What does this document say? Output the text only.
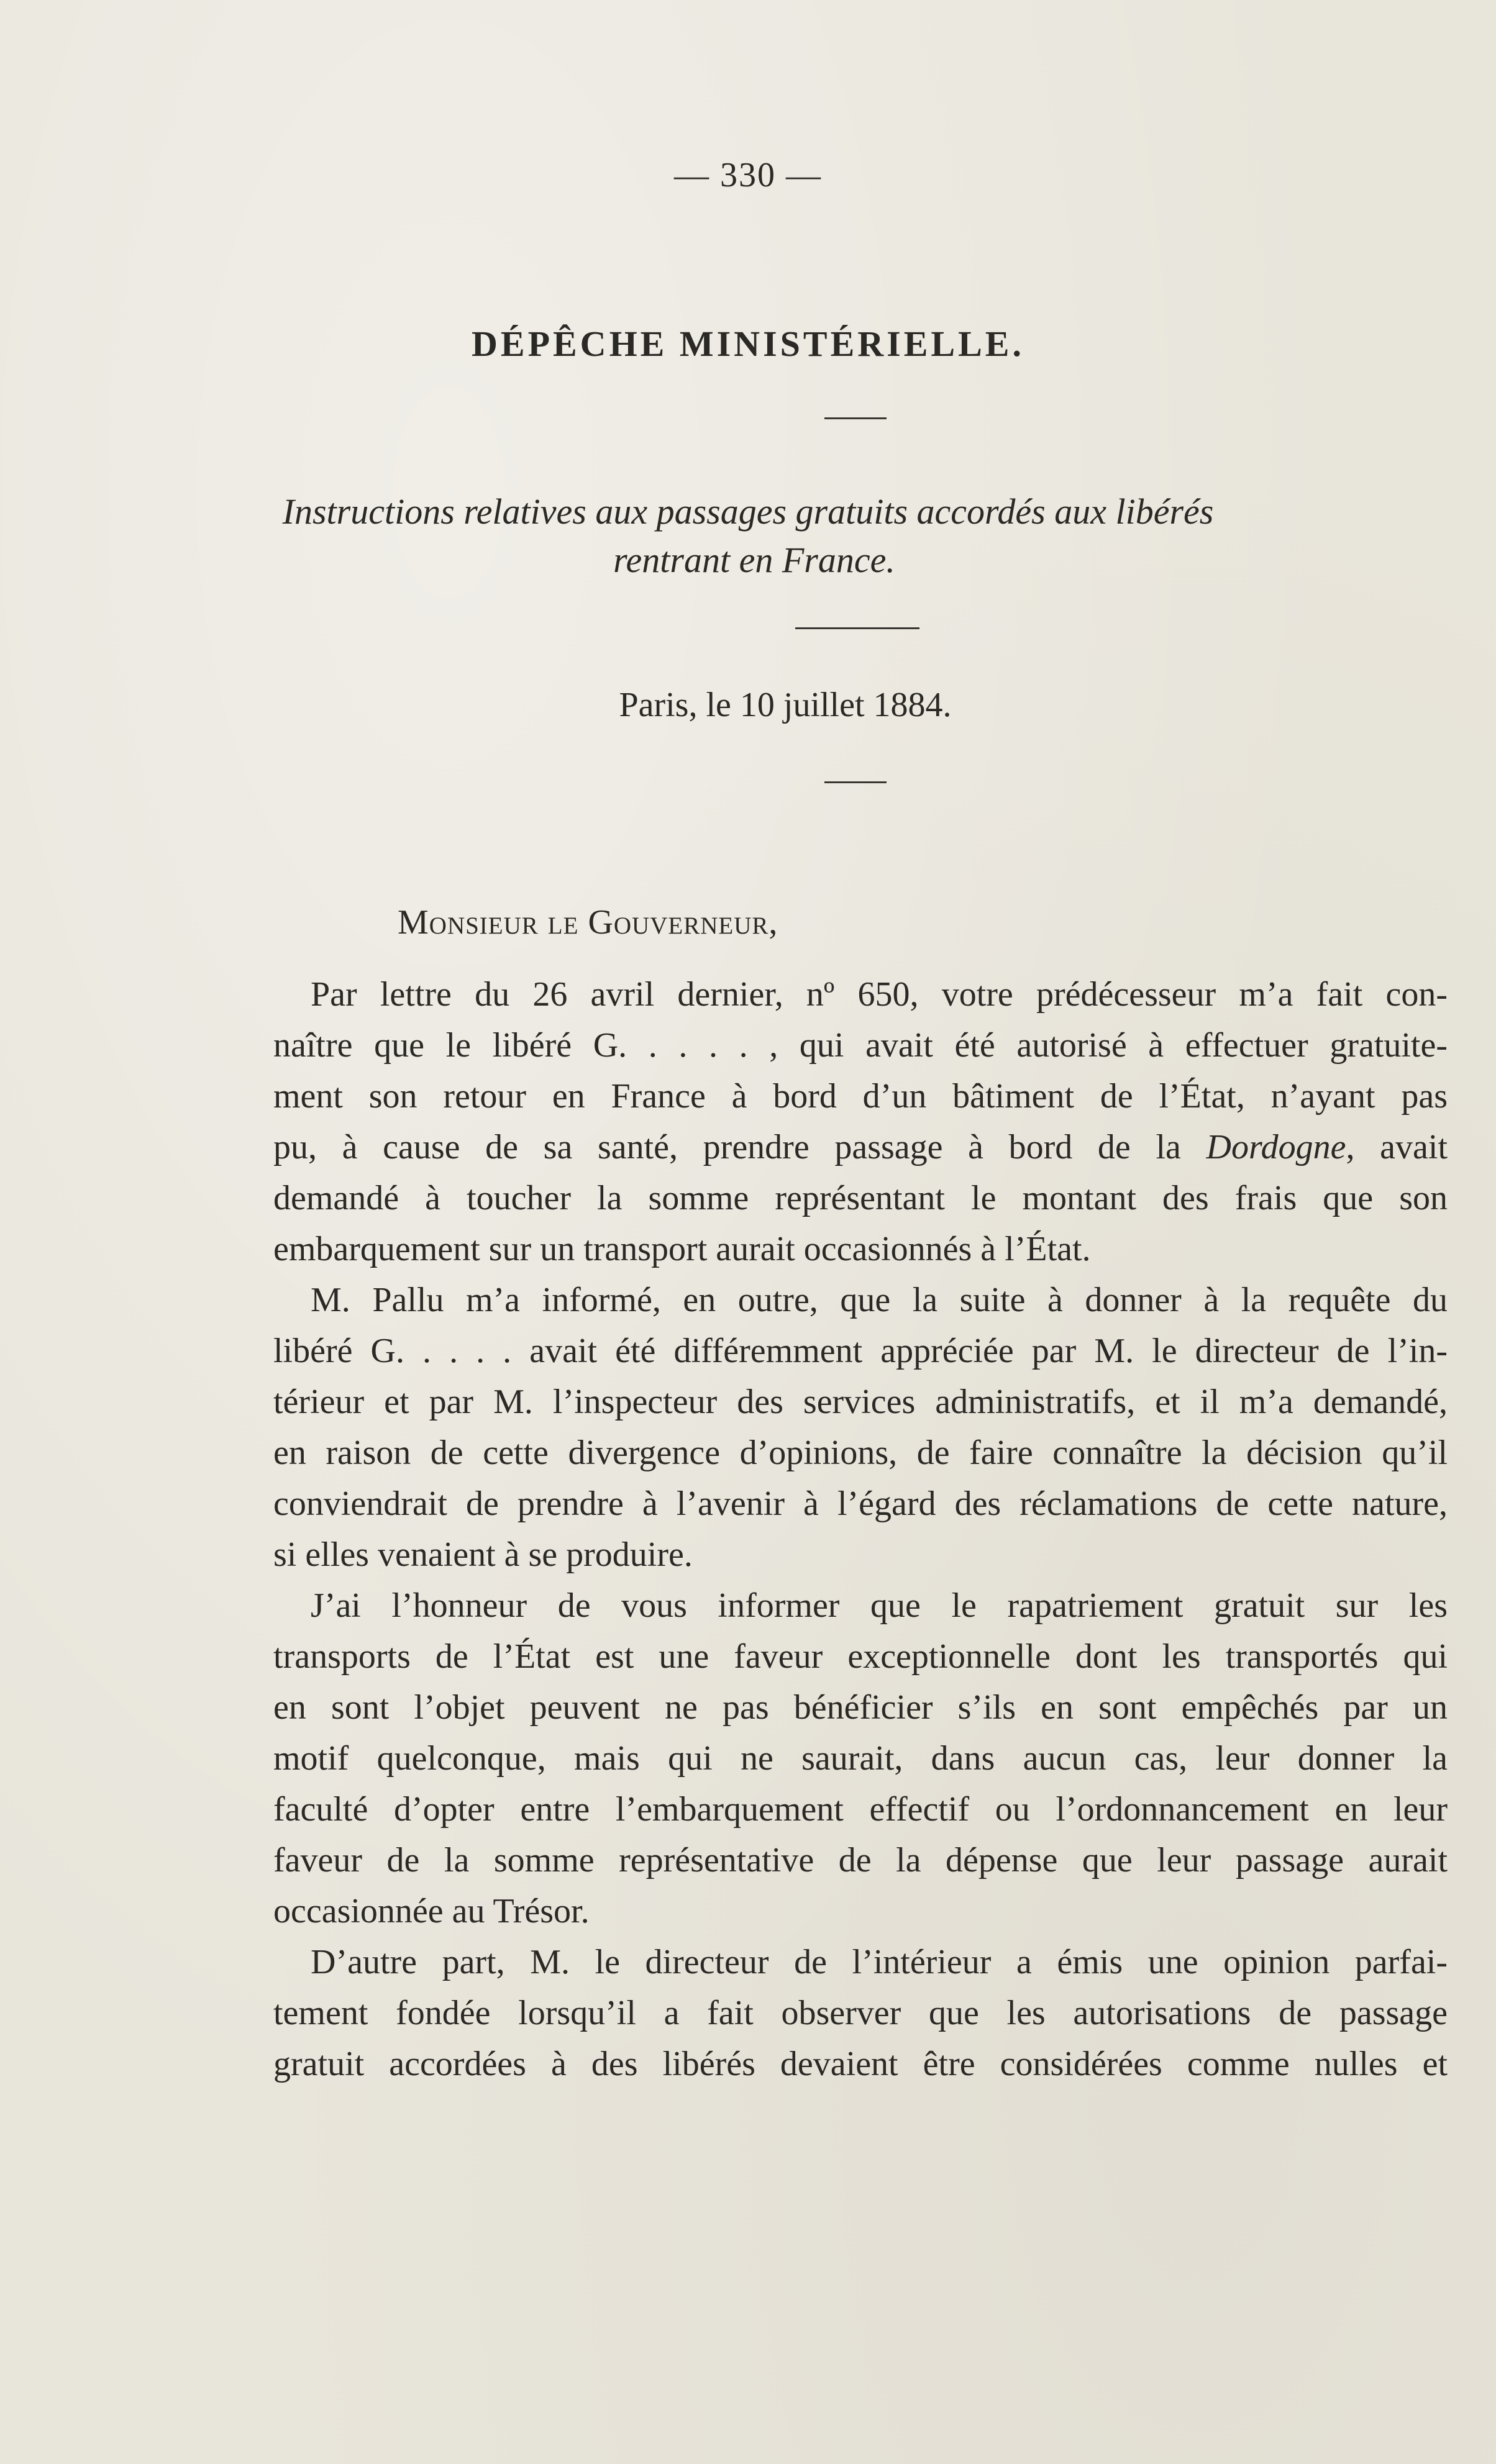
— 330 —
DÉPÊCHE MINISTÉRIELLE.
Instructions relatives aux passages gratuits accordés aux libérés
rentrant en France.
Paris, le 10 juillet 1884.
Monsieur le Gouverneur,
Par lettre du 26 avril dernier, nº 650, votre prédécesseur m’a fait con-
naître que le libéré G. . . . . , qui avait été autorisé à effectuer gratuite-
ment son retour en France à bord d’un bâtiment de l’État, n’ayant pas
pu, à cause de sa santé, prendre passage à bord de la Dordogne, avait
demandé à toucher la somme représentant le montant des frais que son
embarquement sur un transport aurait occasionnés à l’État.
M. Pallu m’a informé, en outre, que la suite à donner à la requête du
libéré G. . . . . avait été différemment appréciée par M. le directeur de l’in-
térieur et par M. l’inspecteur des services administratifs, et il m’a demandé,
en raison de cette divergence d’opinions, de faire connaître la décision qu’il
conviendrait de prendre à l’avenir à l’égard des réclamations de cette nature,
si elles venaient à se produire.
J’ai l’honneur de vous informer que le rapatriement gratuit sur les
transports de l’État est une faveur exceptionnelle dont les transportés qui
en sont l’objet peuvent ne pas bénéficier s’ils en sont empêchés par un
motif quelconque, mais qui ne saurait, dans aucun cas, leur donner la
faculté d’opter entre l’embarquement effectif ou l’ordonnancement en leur
faveur de la somme représentative de la dépense que leur passage aurait
occasionnée au Trésor.
D’autre part, M. le directeur de l’intérieur a émis une opinion parfai-
tement fondée lorsqu’il a fait observer que les autorisations de passage
gratuit accordées à des libérés devaient être considérées comme nulles et
